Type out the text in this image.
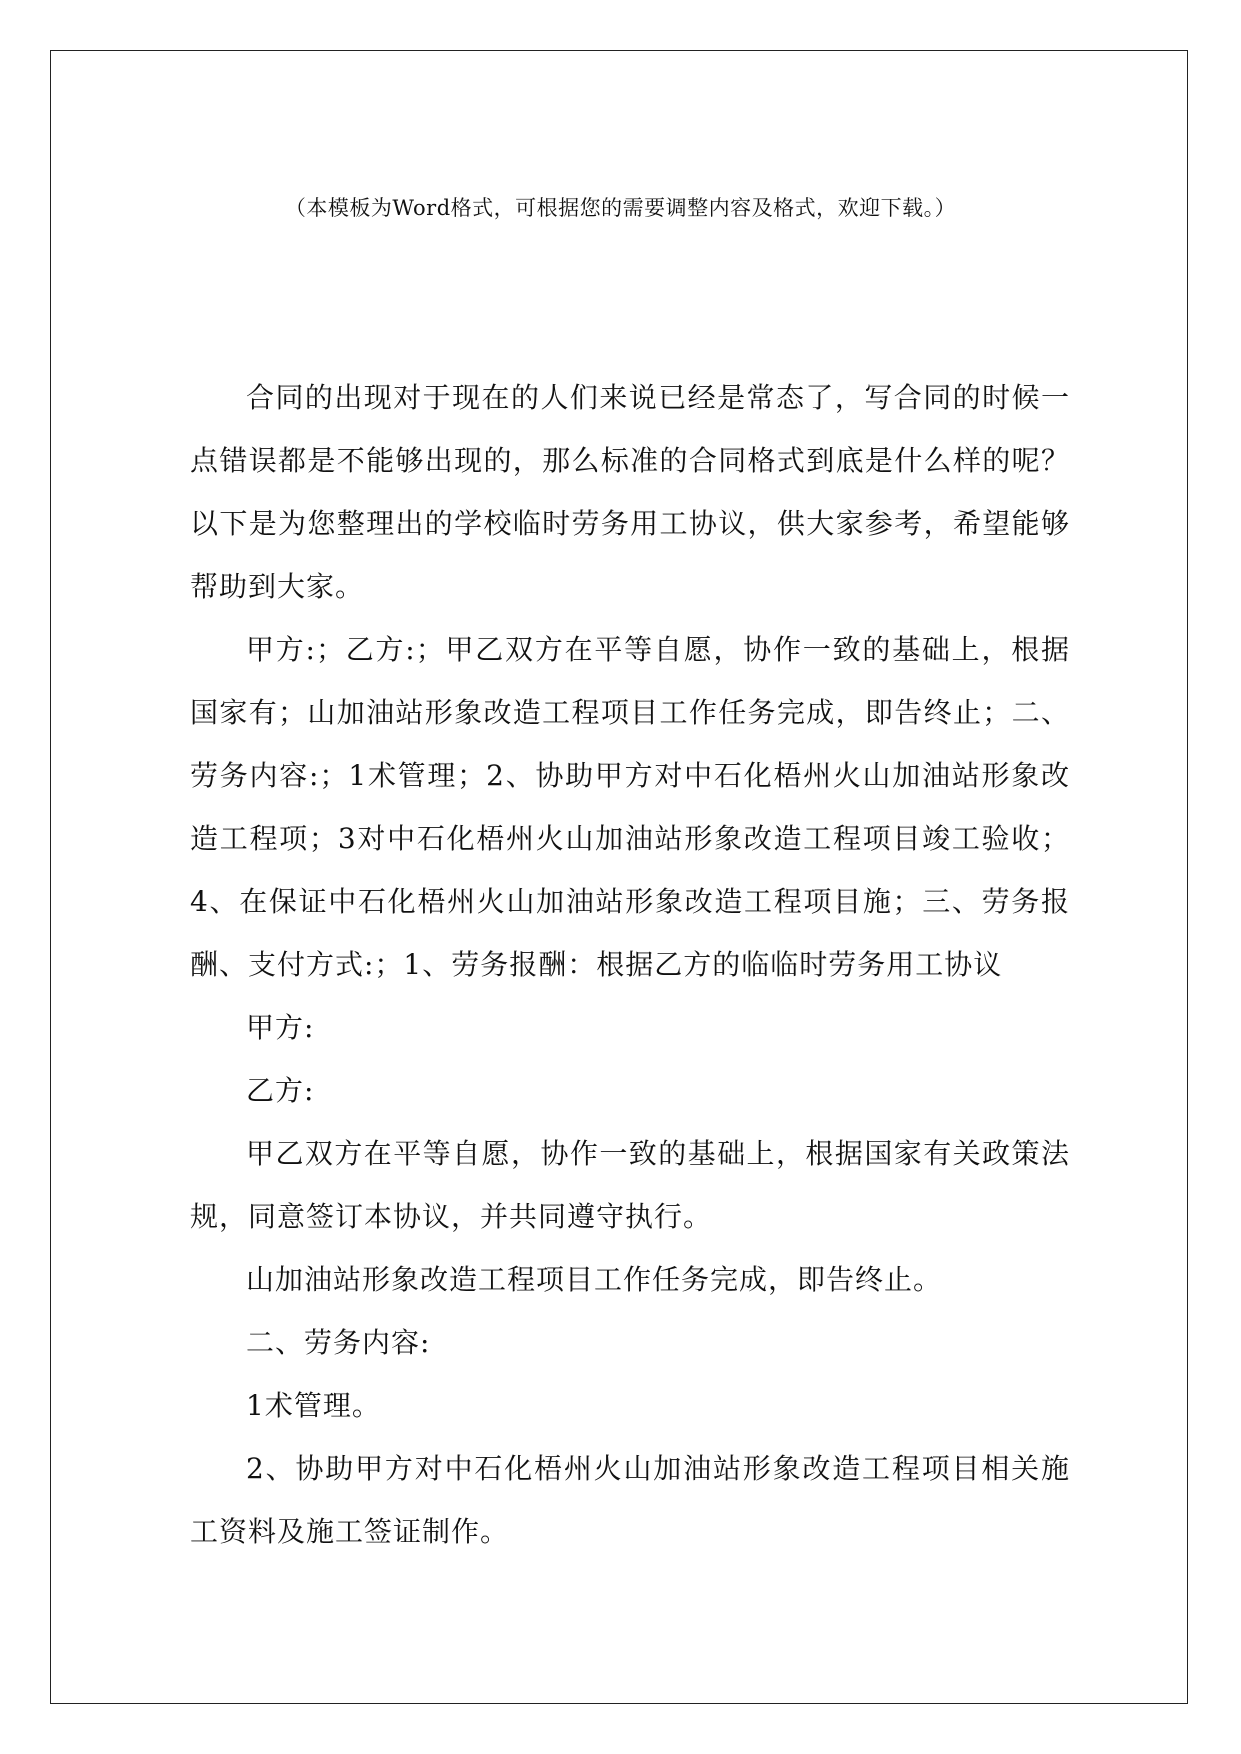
（本模板为Word格式，可根据您的需要调整内容及格式，欢迎下载。）

合同的出现对于现在的人们来说已经是常态了，写合同的时候一点错误都是不能够出现的，那么标准的合同格式到底是什么样的呢？以下是为您整理出的学校临时劳务用工协议，供大家参考，希望能够帮助到大家。

甲方:；乙方:；甲乙双方在平等自愿，协作一致的基础上，根据国家有；山加油站形象改造工程项目工作任务完成，即告终止；二、劳务内容:；1术管理；2、协助甲方对中石化梧州火山加油站形象改造工程项；3对中石化梧州火山加油站形象改造工程项目竣工验收；4、在保证中石化梧州火山加油站形象改造工程项目施；三、劳务报酬、支付方式:；1、劳务报酬：根据乙方的临临时劳务用工协议

甲方:

乙方:

甲乙双方在平等自愿，协作一致的基础上，根据国家有关政策法规，同意签订本协议，并共同遵守执行。

山加油站形象改造工程项目工作任务完成，即告终止。

二、劳务内容:

1术管理。

2、协助甲方对中石化梧州火山加油站形象改造工程项目相关施工资料及施工签证制作。
